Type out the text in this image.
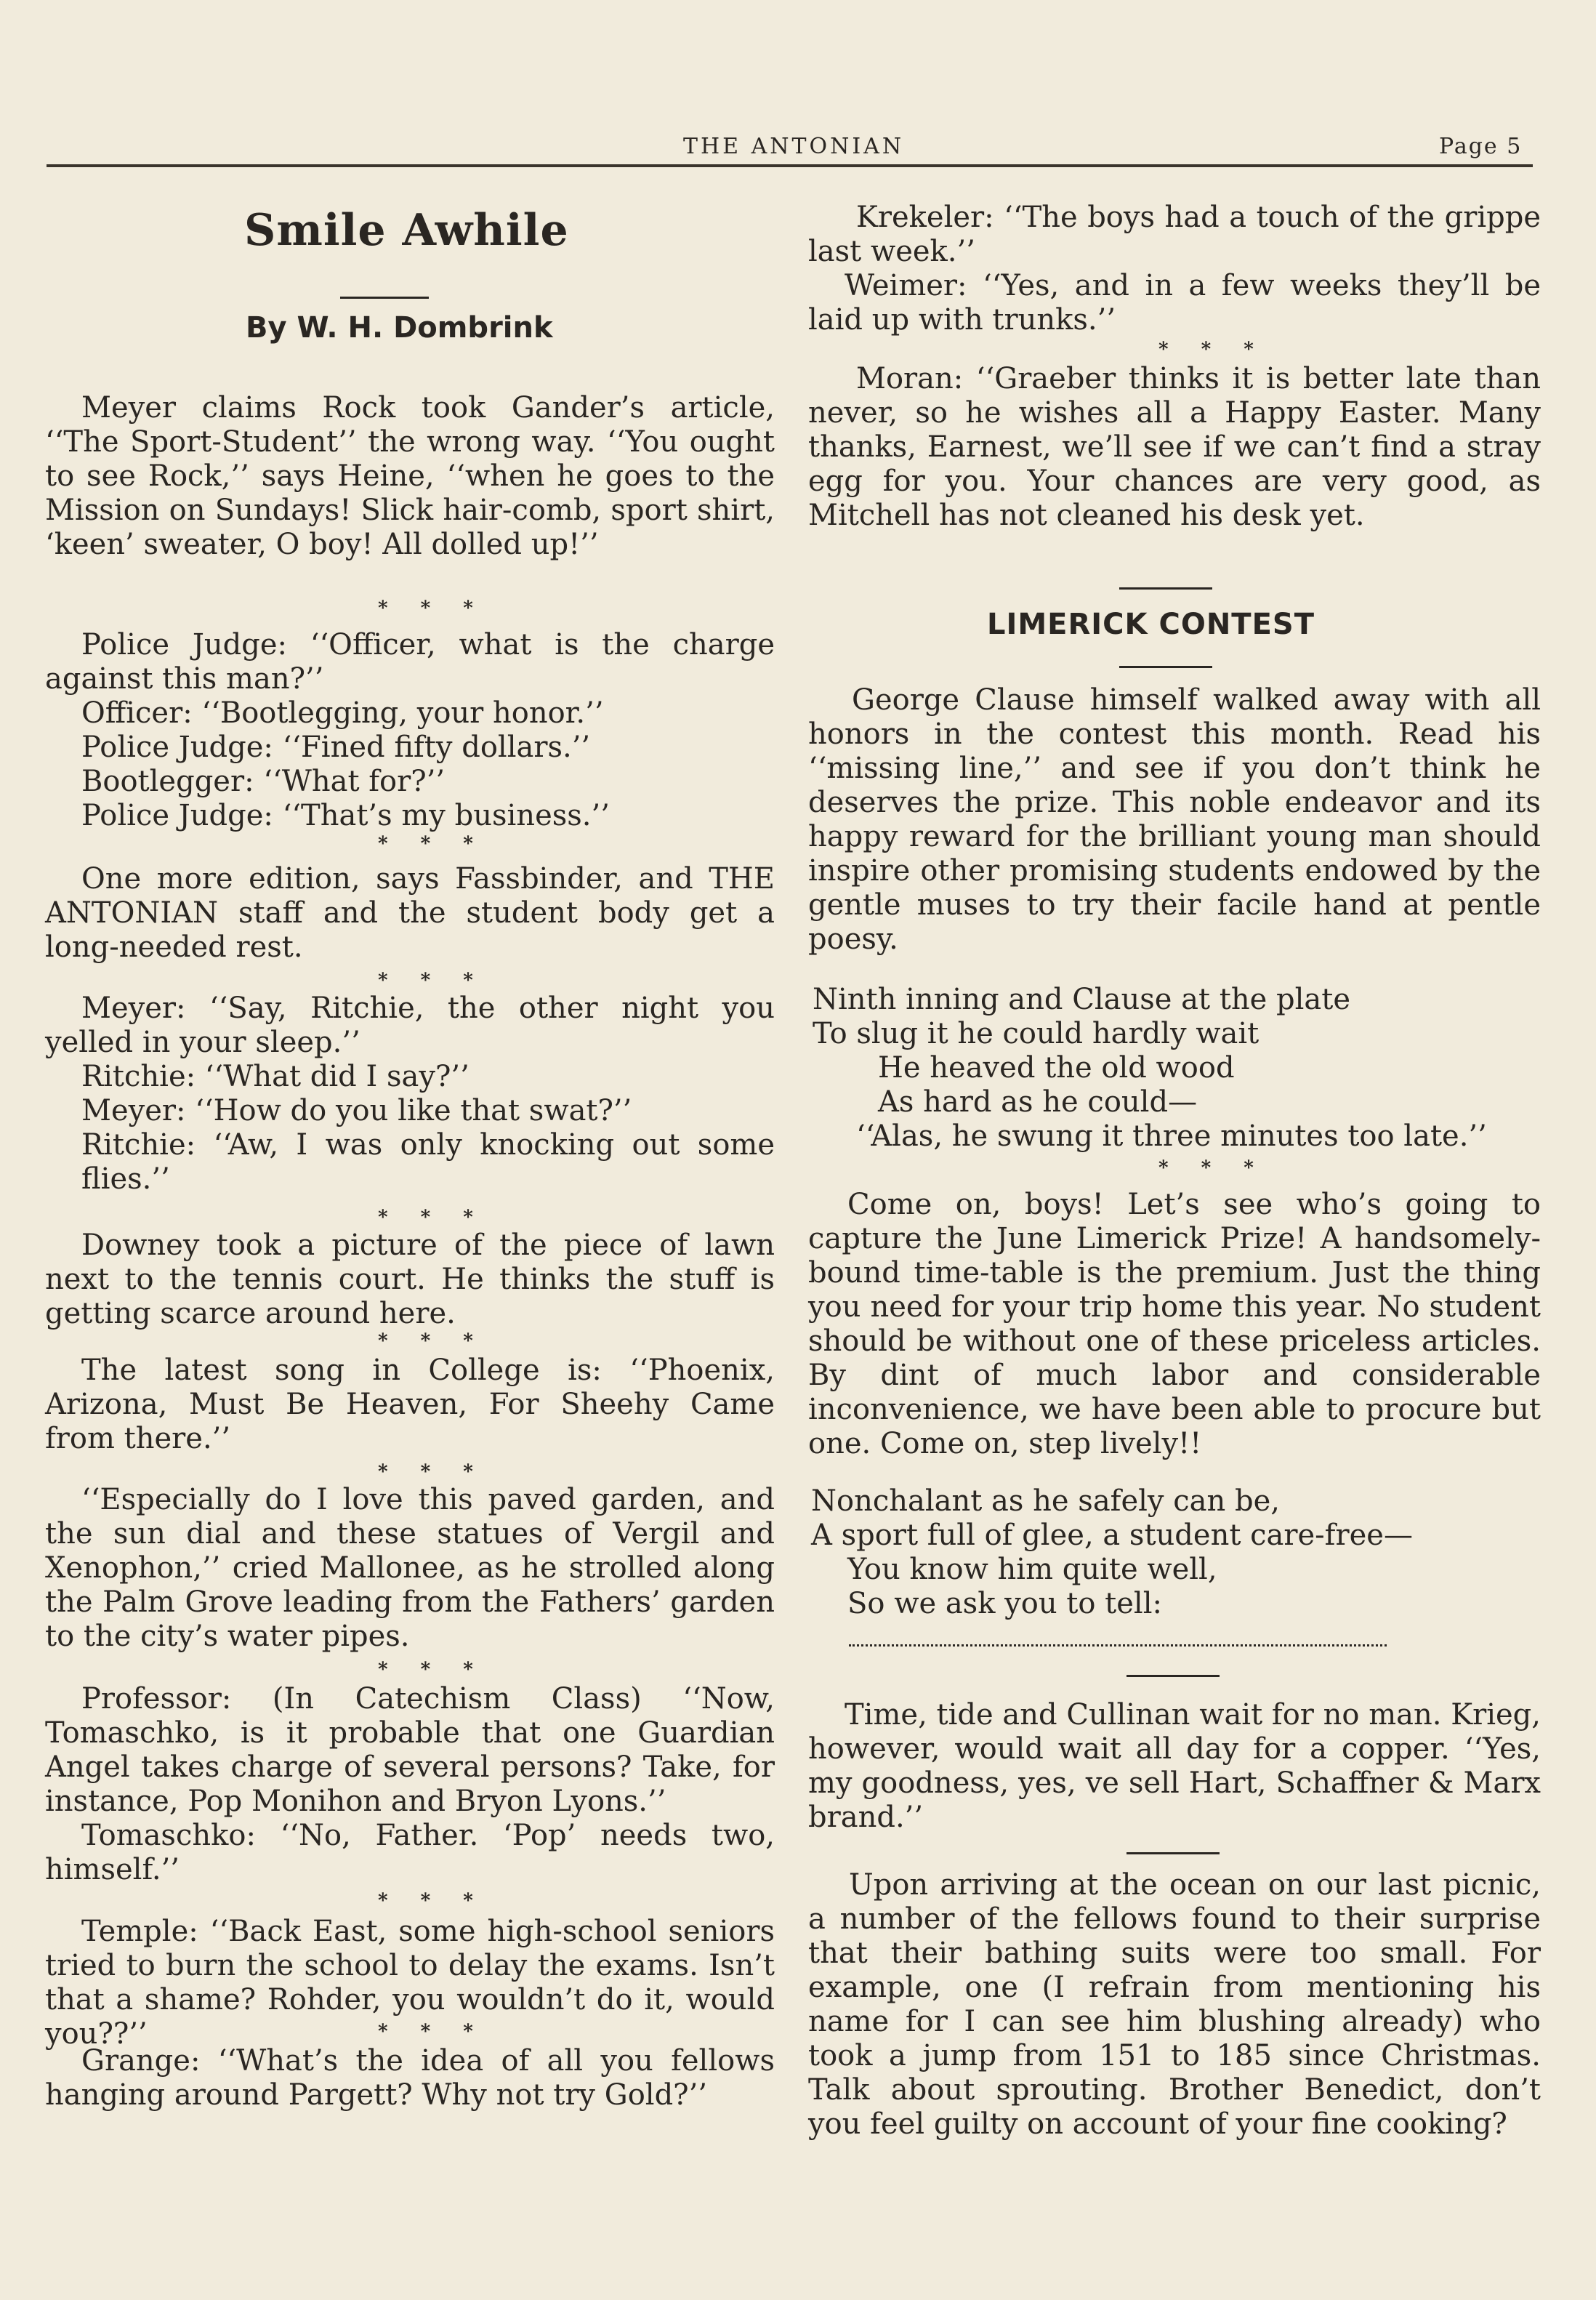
THE ANTONIAN	Page 5
Smile Awhile
By W. H. Dombrink

Meyer claims Rock took Gander’s article, ‘‘The Sport-Student’’ the wrong way. ‘‘You ought to see Rock,’’ says Heine, ‘‘when he goes to the Mission on Sundays! Slick hair-comb, sport shirt, ‘keen’ sweater, O boy! All dolled up!’’

* * *

Police Judge: ‘‘Officer, what is the charge against this man?’’

Officer: ‘‘Bootlegging, your honor.’’

Police Judge: ‘‘Fined fifty dollars.’’

Bootlegger: ‘‘What for?’’

Police Judge: ‘‘That’s my business.’’

* * *

One more edition, says Fassbinder, and THE ANTONIAN staff and the student body get a long-needed rest.

* * *

Meyer: ‘‘Say, Ritchie, the other night you yelled in your sleep.’’

Ritchie: ‘‘What did I say?’’

Meyer: ‘‘How do you like that swat?’’

Ritchie: ‘‘Aw, I was only knocking out some flies.’’

* * *

Downey took a picture of the piece of lawn next to the tennis court. He thinks the stuff is getting scarce around here.

* * *

The latest song in College is: ‘‘Phoenix, Arizona, Must Be Heaven, For Sheehy Came from there.’’

* * *

‘‘Especially do I love this paved garden, and the sun dial and these statues of Vergil and Xenophon,’’ cried Mallonee, as he strolled along the Palm Grove leading from the Fathers’ garden to the city’s water pipes.

* * *

Professor: (In Catechism Class) ‘‘Now, Tomaschko, is it probable that one Guardian Angel takes charge of several persons? Take, for instance, Pop Monihon and Bryon Lyons.’’

Tomaschko: ‘‘No, Father. ‘Pop’ needs two, himself.’’

* * *

Temple: ‘‘Back East, some high-school seniors tried to burn the school to delay the exams. Isn’t that a shame? Rohder, you wouldn’t do it, would you??’’	* * *

Grange: ‘‘What’s the idea of all you fellows hanging around Pargett? Why not try Gold?’’

Krekeler: ‘‘The boys had a touch of the grippe last week.’’

Weimer: ‘‘Yes, and in a few weeks they’ll be laid up with trunks.’’

* * *

Moran: ‘‘Graeber thinks it is better late than never, so he wishes all a Happy Easter. Many thanks, Earnest, we’ll see if we can’t find a stray egg for you. Your chances are very good, as Mitchell has not cleaned his desk yet.

LIMERICK CONTEST

George Clause himself walked away with all honors in the contest this month. Read his ‘‘missing line,’’ and see if you don’t think he deserves the prize. This noble endeavor and its happy reward for the brilliant young man should inspire other promising students endowed by the gentle muses to try their facile hand at pentle poesy.

Ninth inning and Clause at the plate

To slug it he could hardly wait

He heaved the old wood

As hard as he could—

‘‘Alas, he swung it three minutes too late.’’

* * *

Come on, boys! Let’s see who’s going to capture the June Limerick Prize! A handsomely-bound time-table is the premium. Just the thing you need for your trip home this year. No student should be without one of these priceless articles. By dint of much labor and considerable inconvenience, we have been able to procure but one. Come on, step lively!!

Nonchalant as he safely can be,

A sport full of glee, a student care-free—

You know him quite well,

So we ask you to tell:

Time, tide and Cullinan wait for no man. Krieg, however, would wait all day for a copper. ‘‘Yes, my goodness, yes, ve sell Hart, Schaffner & Marx brand.’’

Upon arriving at the ocean on our last picnic, a number of the fellows found to their surprise that their bathing suits were too small. For example, one (I refrain from mentioning his name for I can see him blushing already) who took a jump from 151 to 185 since Christmas. Talk about sprouting. Brother Benedict, don’t you feel guilty on account of your fine cooking?
